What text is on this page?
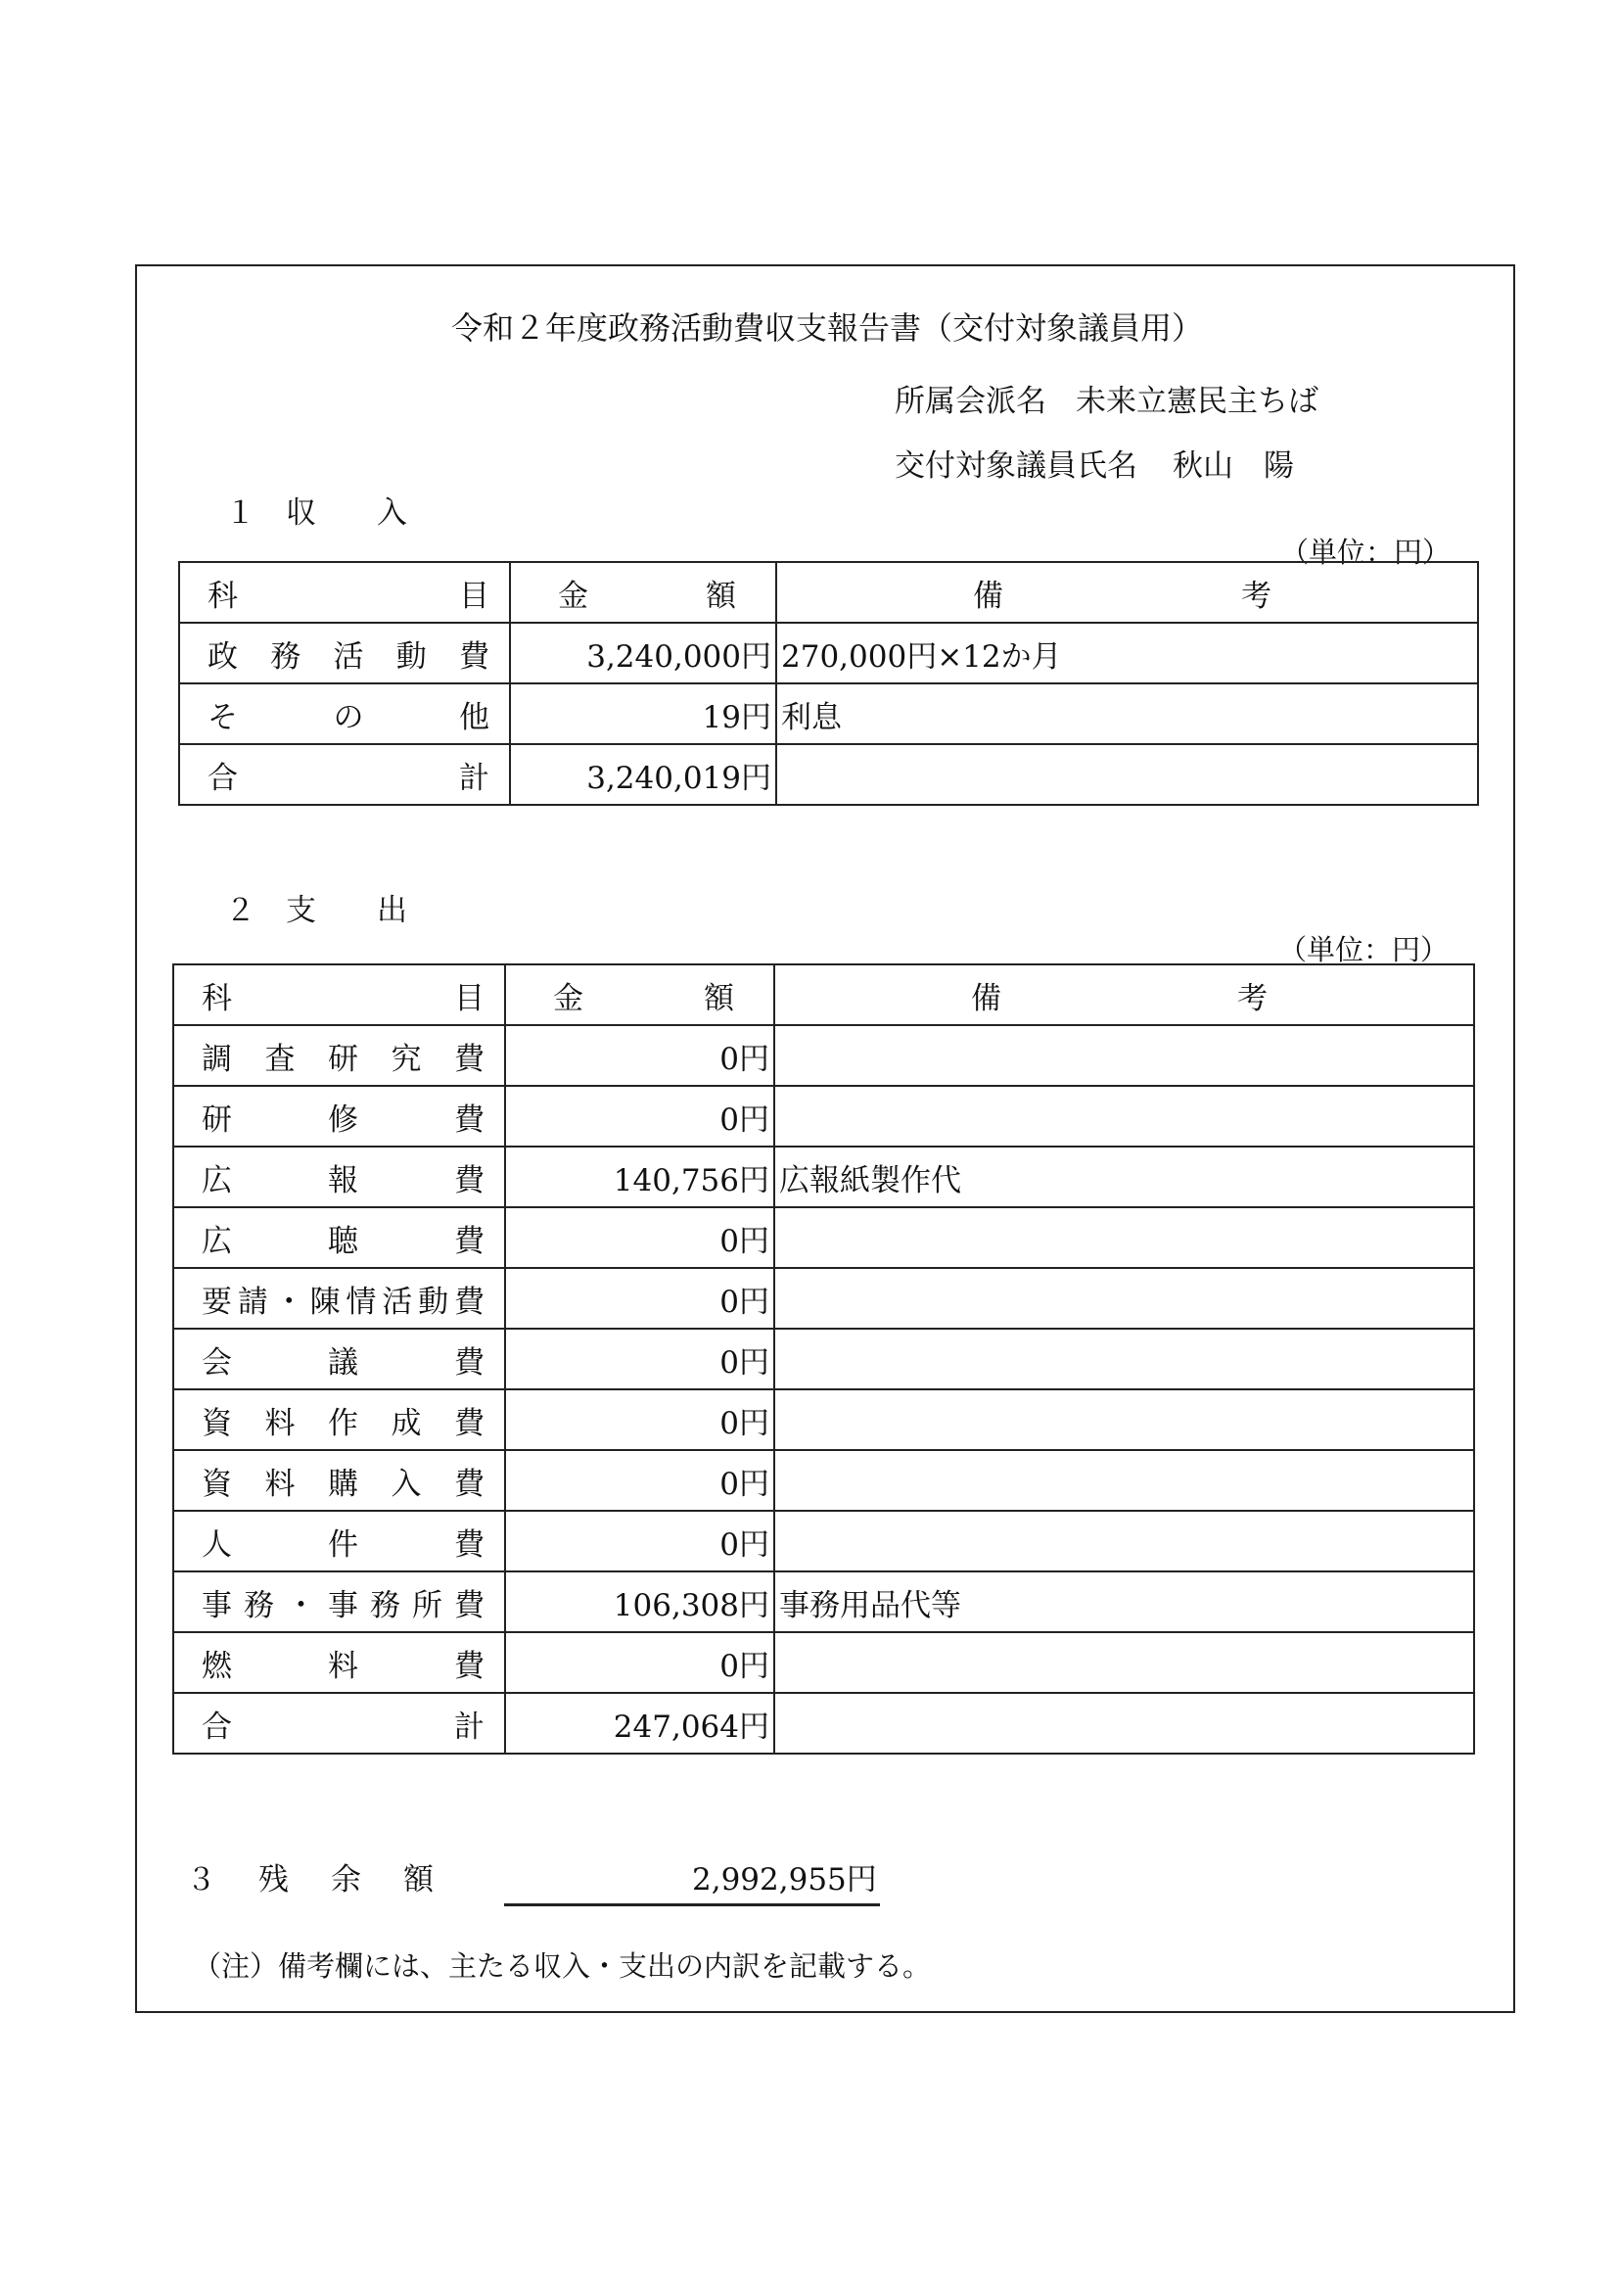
令和２年度政務活動費収支報告書（交付対象議員用）
所属会派名 未来立憲民主ちば
交付対象議員氏名 秋山　陽
１　収　　入
（単位：円）
科目	金額	備考
政務活動費	3,240,000円	270,000円×12か月
その他	19円	利息
合計	3,240,019円	
２　支　　出
（単位：円）
科目	金額	備考
調査研究費	0円	
研修費	0円	
広報費	140,756円	広報紙製作代
広聴費	0円	
要請・陳情活動費	0円	
会議費	0円	
資料作成費	0円	
資料購入費	0円	
人件費	0円	
事務・事務所費	106,308円	事務用品代等
燃料費	0円	
合計	247,064円	
３　残　余　額	2,992,955円
（注）備考欄には、主たる収入・支出の内訳を記載する。
